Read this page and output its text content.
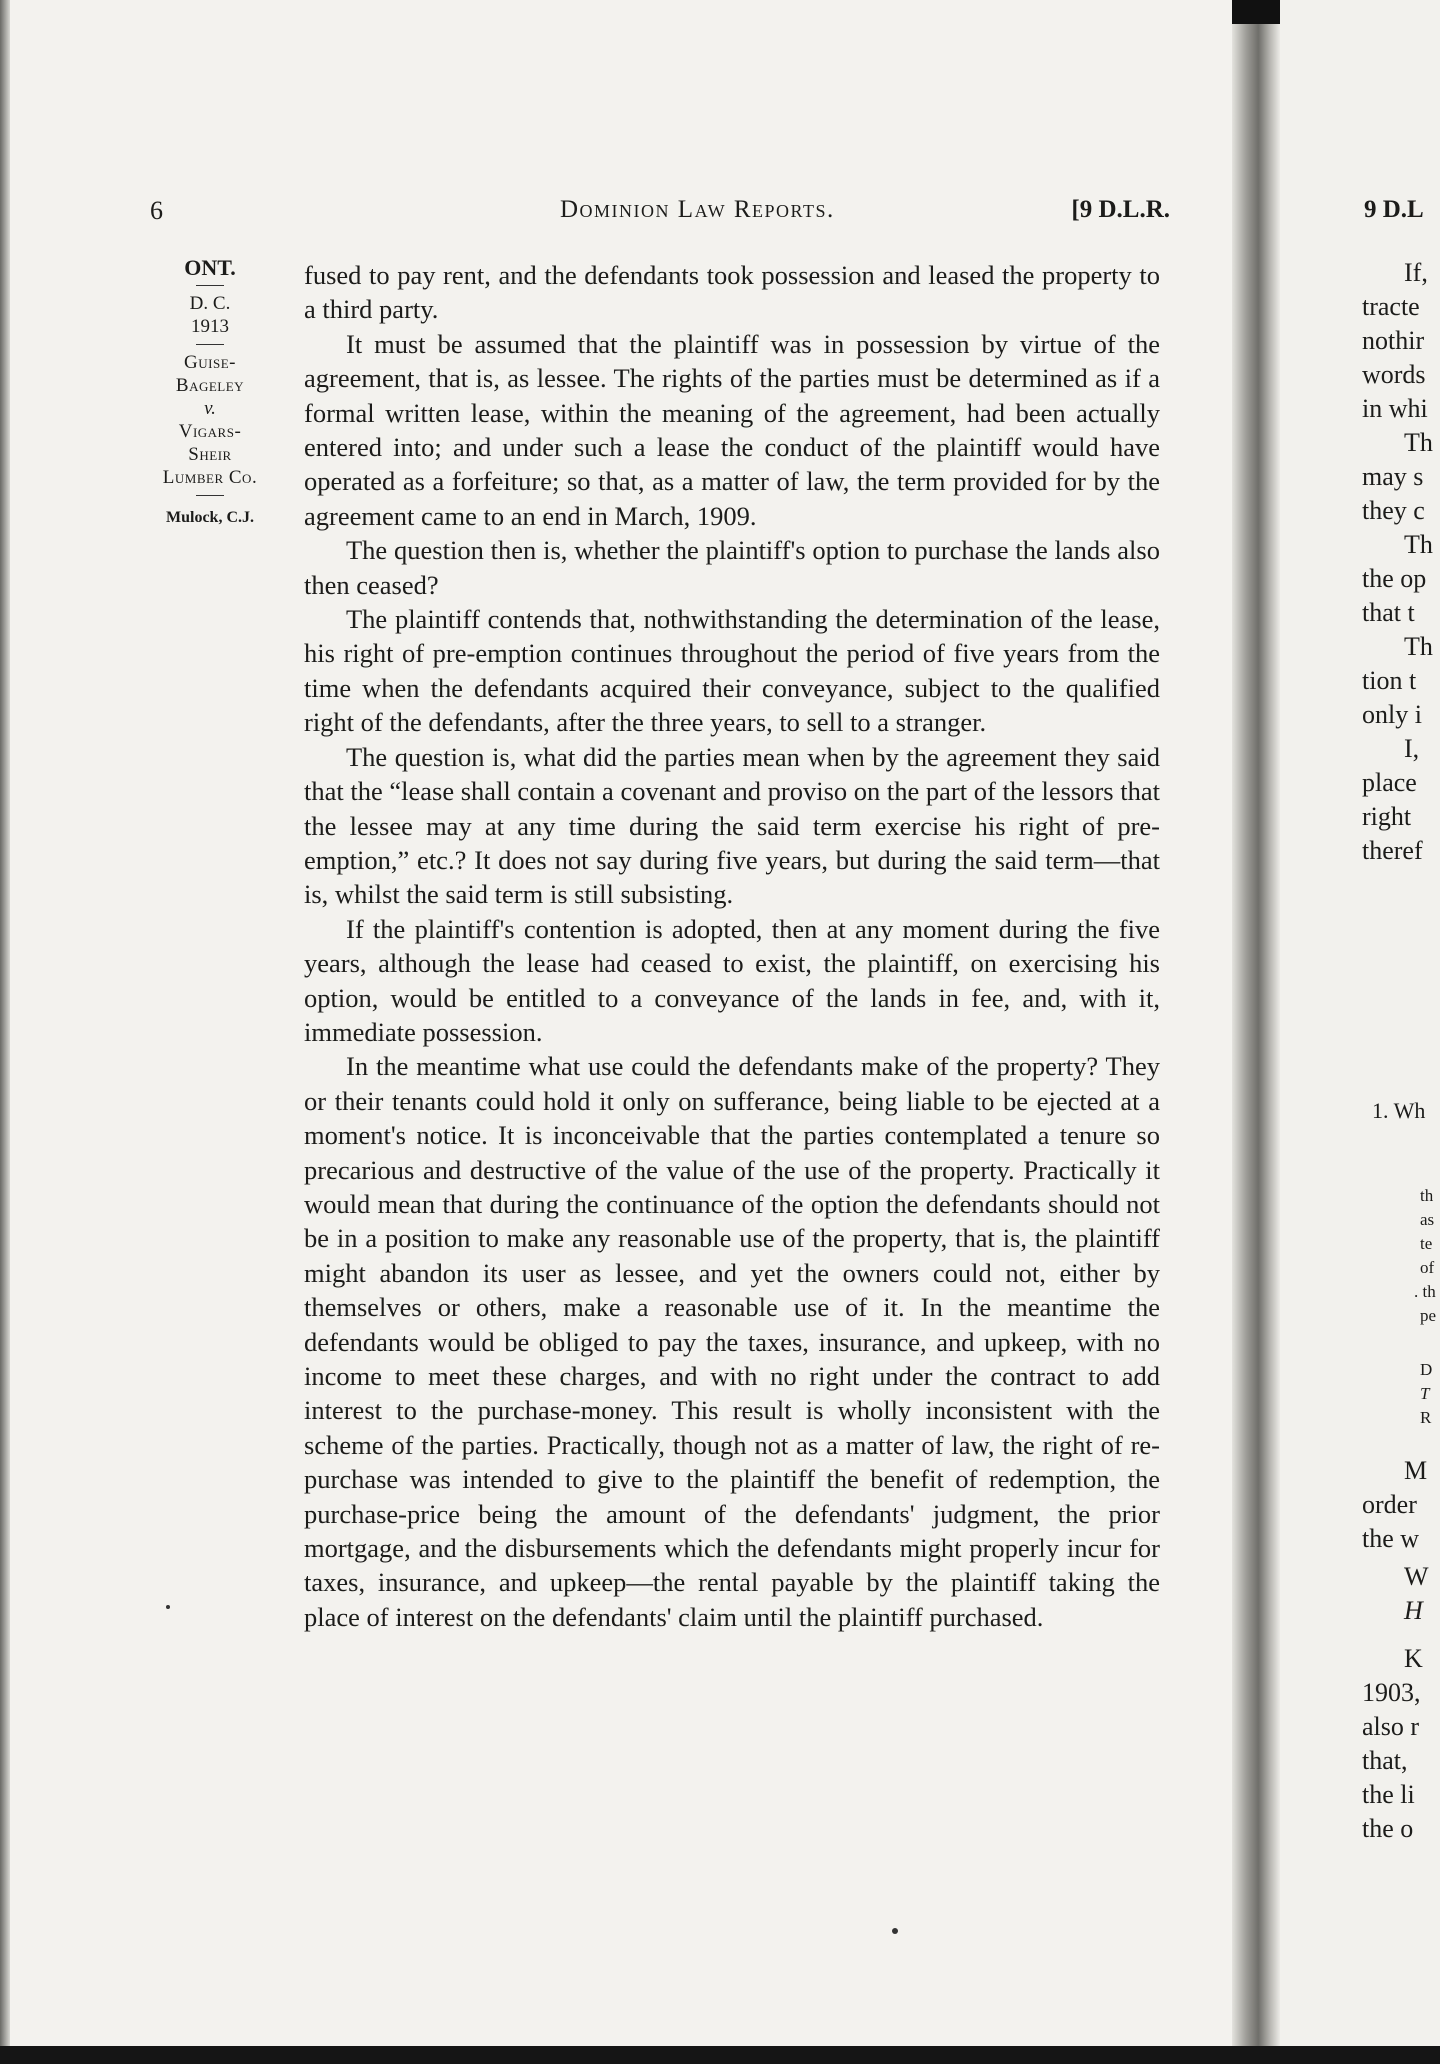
6	Dominion Law Reports.	[9 D.L.R.
ONT.
D. C.
1913
Guise-
Bageley
v.
Vigars-
Sheir
Lumber Co.
Mulock, C.J.

fused to pay rent, and the defendants took possession and leased the property to a third party.

It must be assumed that the plaintiff was in possession by virtue of the agreement, that is, as lessee. The rights of the parties must be determined as if a formal written lease, within the meaning of the agreement, had been actually entered into; and under such a lease the conduct of the plaintiff would have operated as a forfeiture; so that, as a matter of law, the term provided for by the agreement came to an end in March, 1909.

The question then is, whether the plaintiff's option to purchase the lands also then ceased?

The plaintiff contends that, nothwithstanding the determination of the lease, his right of pre-emption continues throughout the period of five years from the time when the defendants acquired their conveyance, subject to the qualified right of the defendants, after the three years, to sell to a stranger.

The question is, what did the parties mean when by the agreement they said that the “lease shall contain a covenant and proviso on the part of the lessors that the lessee may at any time during the said term exercise his right of pre-emption,” etc.? It does not say during five years, but during the said term—that is, whilst the said term is still subsisting.

If the plaintiff's contention is adopted, then at any moment during the five years, although the lease had ceased to exist, the plaintiff, on exercising his option, would be entitled to a conveyance of the lands in fee, and, with it, immediate possession.

In the meantime what use could the defendants make of the property? They or their tenants could hold it only on sufferance, being liable to be ejected at a moment's notice. It is inconceivable that the parties contemplated a tenure so precarious and destructive of the value of the use of the property. Practically it would mean that during the continuance of the option the defendants should not be in a position to make any reasonable use of the property, that is, the plaintiff might abandon its user as lessee, and yet the owners could not, either by themselves or others, make a reasonable use of it. In the meantime the defendants would be obliged to pay the taxes, insurance, and upkeep, with no income to meet these charges, and with no right under the contract to add interest to the purchase-money. This result is wholly inconsistent with the scheme of the parties. Practically, though not as a matter of law, the right of re-purchase was intended to give to the plaintiff the benefit of redemption, the purchase-price being the amount of the defendants' judgment, the prior mortgage, and the disbursements which the defendants might properly incur for taxes, insurance, and upkeep—the rental payable by the plaintiff taking the place of interest on the defendants' claim until the plaintiff purchased.

9 D.L
If,
tracte
nothir
words
in whi
Th
may s
they c
Th
the op
that t
Th
tion t
only i
I,
place
right
theref
1. Wh
th
as
te
of
. th
pe
D
T
R
M
order
the w
W
H
K
1903,
also r
that,
the li
the o
